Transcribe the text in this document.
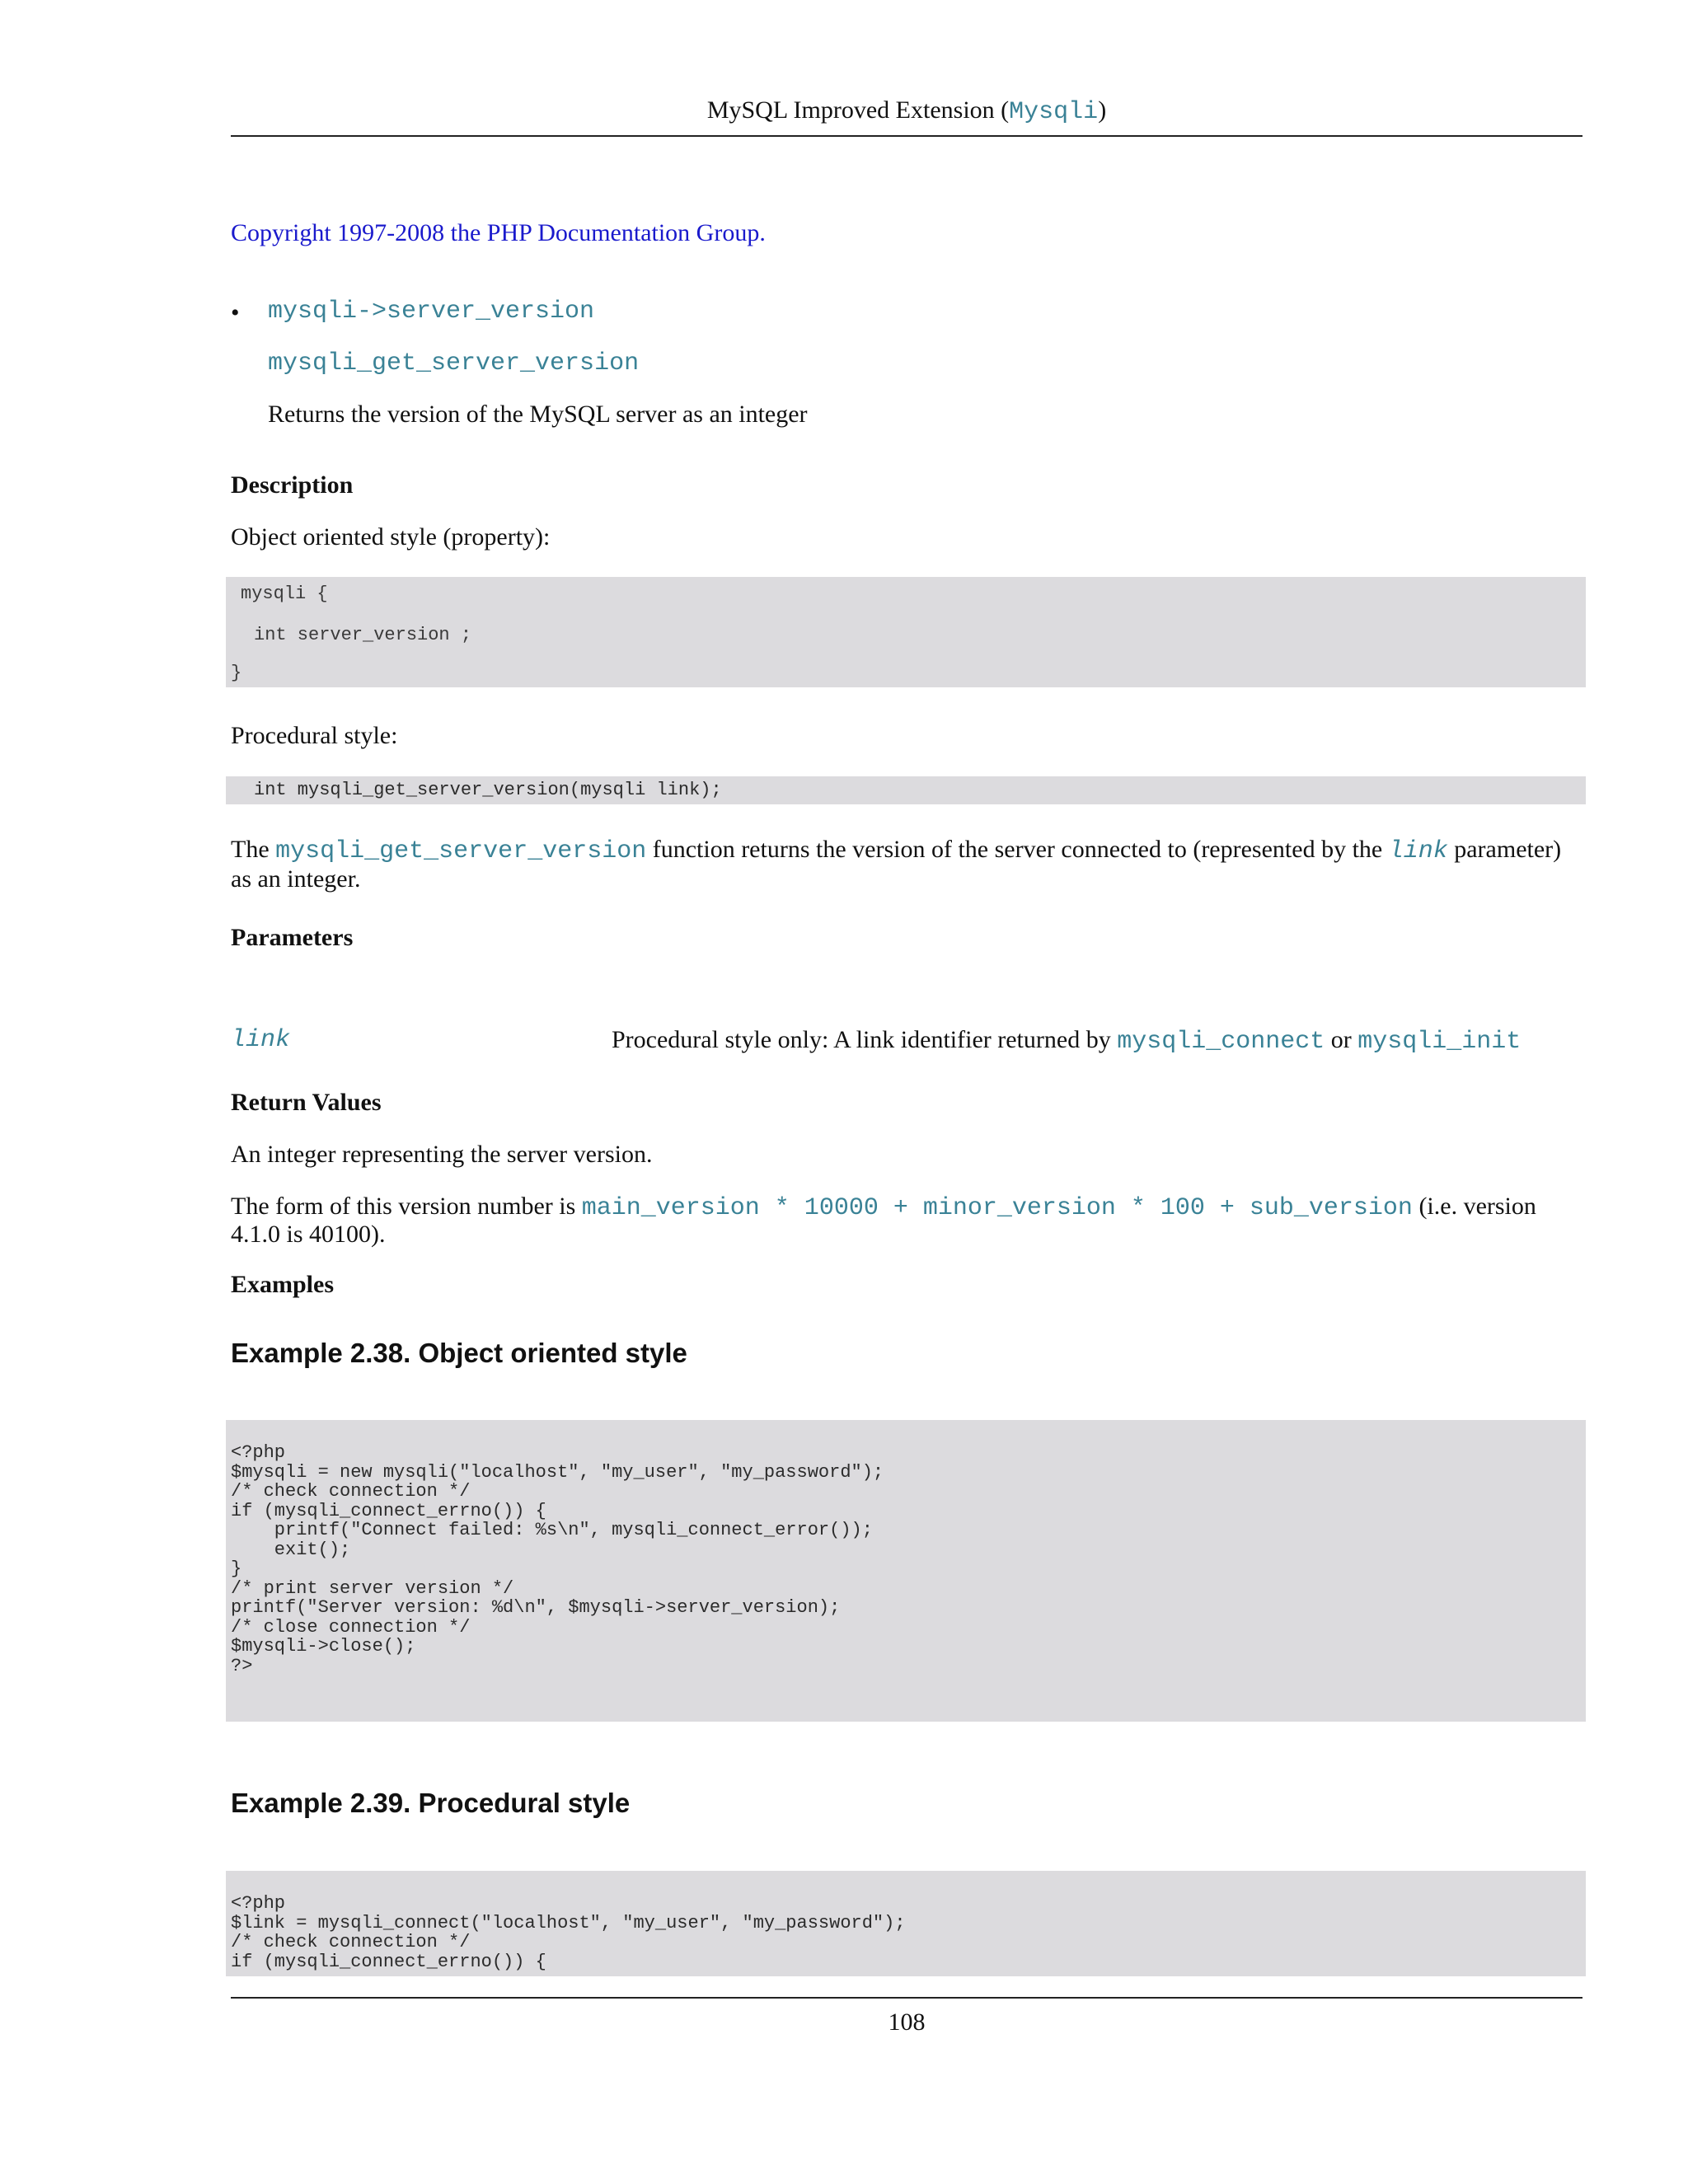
MySQL Improved Extension (Mysqli)
Copyright 1997-2008 the PHP Documentation Group.
• mysqli->server_version
mysqli_get_server_version
Returns the version of the MySQL server as an integer
Description
Object oriented style (property):
mysqli {
int server_version ;
}
Procedural style:
int mysqli_get_server_version(mysqli link);
The mysqli_get_server_version function returns the version of the server connected to (represented by the link parameter)
as an integer.
Parameters
link	Procedural style only: A link identifier returned by mysqli_connect or mysqli_init
Return Values
An integer representing the server version.
The form of this version number is main_version * 10000 + minor_version * 100 + sub_version (i.e. version
4.1.0 is 40100).
Examples
Example 2.38. Object oriented style
<?php
$mysqli = new mysqli("localhost", "my_user", "my_password");
/* check connection */
if (mysqli_connect_errno()) {
printf("Connect failed: %s\n", mysqli_connect_error());
exit();
}
/* print server version */
printf("Server version: %d\n", $mysqli->server_version);
/* close connection */
$mysqli->close();
?>
Example 2.39. Procedural style
<?php
$link = mysqli_connect("localhost", "my_user", "my_password");
/* check connection */
if (mysqli_connect_errno()) {
108
